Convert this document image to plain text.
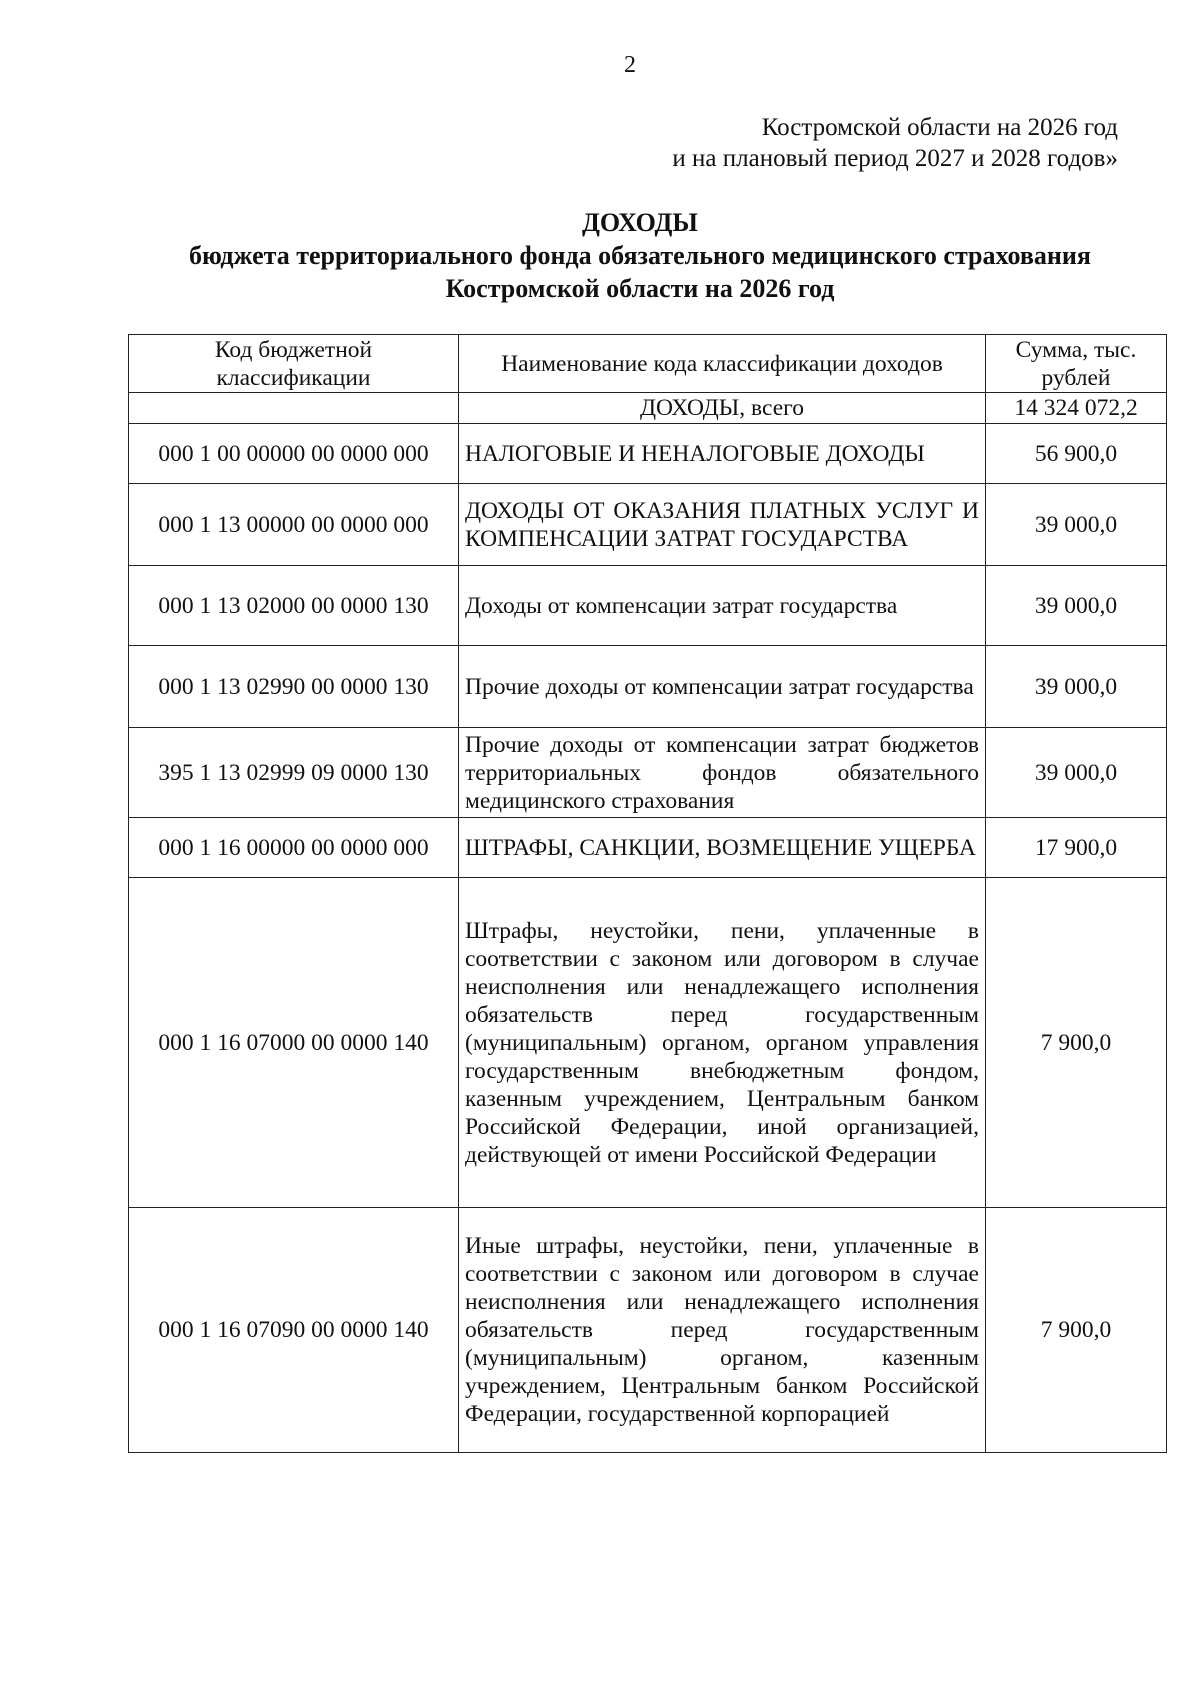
2
Костромской области на 2026 год
и на плановый период 2027 и 2028 годов»
ДОХОДЫ
бюджета территориального фонда обязательного медицинского страхования
Костромской области на 2026 год
Код бюджетной классификации	Наименование кода классификации доходов	Сумма, тыс. рублей
	ДОХОДЫ, всего	14 324 072,2
000 1 00 00000 00 0000 000	НАЛОГОВЫЕ И НЕНАЛОГОВЫЕ ДОХОДЫ	56 900,0
000 1 13 00000 00 0000 000	ДОХОДЫ ОТ ОКАЗАНИЯ ПЛАТНЫХ УСЛУГ И КОМПЕНСАЦИИ ЗАТРАТ ГОСУДАРСТВА	39 000,0
000 1 13 02000 00 0000 130	Доходы от компенсации затрат государства	39 000,0
000 1 13 02990 00 0000 130	Прочие доходы от компенсации затрат государства	39 000,0
395 1 13 02999 09 0000 130	Прочие доходы от компенсации затрат бюджетов территориальных фондов обязательного медицинского страхования	39 000,0
000 1 16 00000 00 0000 000	ШТРАФЫ, САНКЦИИ, ВОЗМЕЩЕНИЕ УЩЕРБА	17 900,0
000 1 16 07000 00 0000 140	Штрафы, неустойки, пени, уплаченные в соответствии с законом или договором в случае неисполнения или ненадлежащего исполнения обязательств перед государственным (муниципальным) органом, органом управления государственным внебюджетным фондом, казенным учреждением, Центральным банком Российской Федерации, иной организацией, действующей от имени Российской Федерации	7 900,0
000 1 16 07090 00 0000 140	Иные штрафы, неустойки, пени, уплаченные в соответствии с законом или договором в случае неисполнения или ненадлежащего исполнения обязательств перед государственным (муниципальным) органом, казенным учреждением, Центральным банком Российской Федерации, государственной корпорацией	7 900,0
